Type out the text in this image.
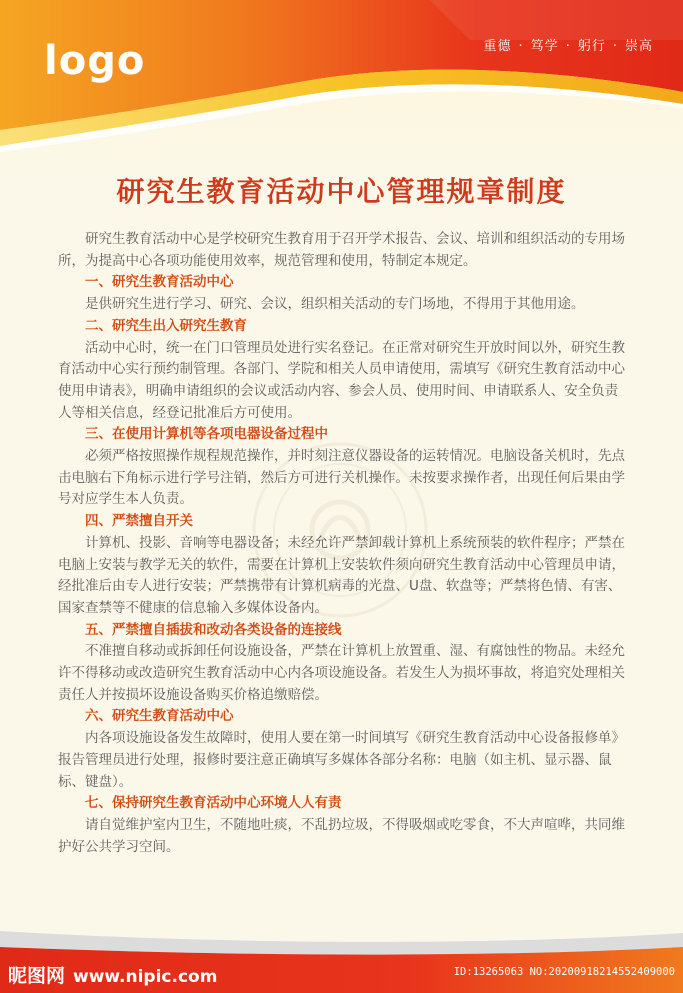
logo	重德 · 笃学 · 躬行 · 崇高
研究生教育活动中心管理规章制度

研究生教育活动中心是学校研究生教育用于召开学术报告、会议、培训和组织活动的专用场所，为提高中心各项功能使用效率，规范管理和使用，特制定本规定。

一、研究生教育活动中心

是供研究生进行学习、研究、会议，组织相关活动的专门场地，不得用于其他用途。

二、研究生出入研究生教育

活动中心时，统一在门口管理员处进行实名登记。在正常对研究生开放时间以外，研究生教育活动中心实行预约制管理。各部门、学院和相关人员申请使用，需填写《研究生教育活动中心使用申请表》，明确申请组织的会议或活动内容、参会人员、使用时间、申请联系人、安全负责人等相关信息，经登记批准后方可使用。

三、在使用计算机等各项电器设备过程中

必须严格按照操作规程规范操作，并时刻注意仪器设备的运转情况。电脑设备关机时，先点击电脑右下角标示进行学号注销，然后方可进行关机操作。未按要求操作者，出现任何后果由学号对应学生本人负责。

四、严禁擅自开关

计算机、投影、音响等电器设备；未经允许严禁卸载计算机上系统预装的软件程序；严禁在电脑上安装与教学无关的软件，需要在计算机上安装软件须向研究生教育活动中心管理员申请，经批准后由专人进行安装；严禁携带有计算机病毒的光盘、U盘、软盘等；严禁将色情、有害、国家查禁等不健康的信息输入多媒体设备内。

五、严禁擅自插拔和改动各类设备的连接线

不准擅自移动或拆卸任何设施设备，严禁在计算机上放置重、湿、有腐蚀性的物品。未经允许不得移动或改造研究生教育活动中心内各项设施设备。若发生人为损坏事故，将追究处理相关责任人并按损坏设施设备购买价格追缴赔偿。

六、研究生教育活动中心

内各项设施设备发生故障时，使用人要在第一时间填写《研究生教育活动中心设备报修单》报告管理员进行处理，报修时要注意正确填写多媒体各部分名称：电脑（如主机、显示器、鼠标、键盘）。

七、保持研究生教育活动中心环境人人有责

请自觉维护室内卫生，不随地吐痰，不乱扔垃圾，不得吸烟或吃零食，不大声喧哗，共同维护好公共学习空间。

昵图网 www.nipic.com	ID:13265063 NO:20200918214552409000
